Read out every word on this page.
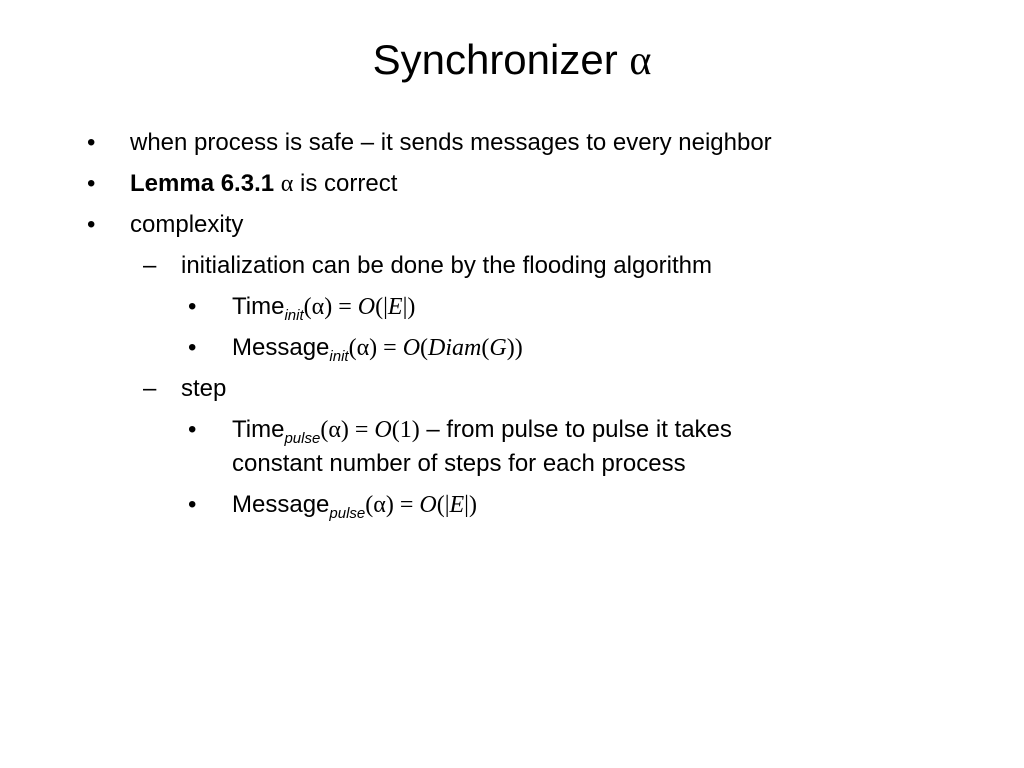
Synchronizer α
• when process is safe – it sends messages to every neighbor
• Lemma 6.3.1 α is correct
• complexity
– initialization can be done by the flooding algorithm
• Time$_{init}$(α) = O(|E|)
• Message$_{init}$(α) = O(Diam(G))
– step
• Time$_{pulse}$(α) = O(1) – from pulse to pulse it takes
constant number of steps for each process
• Message$_{pulse}$(α) = O(|E|)
